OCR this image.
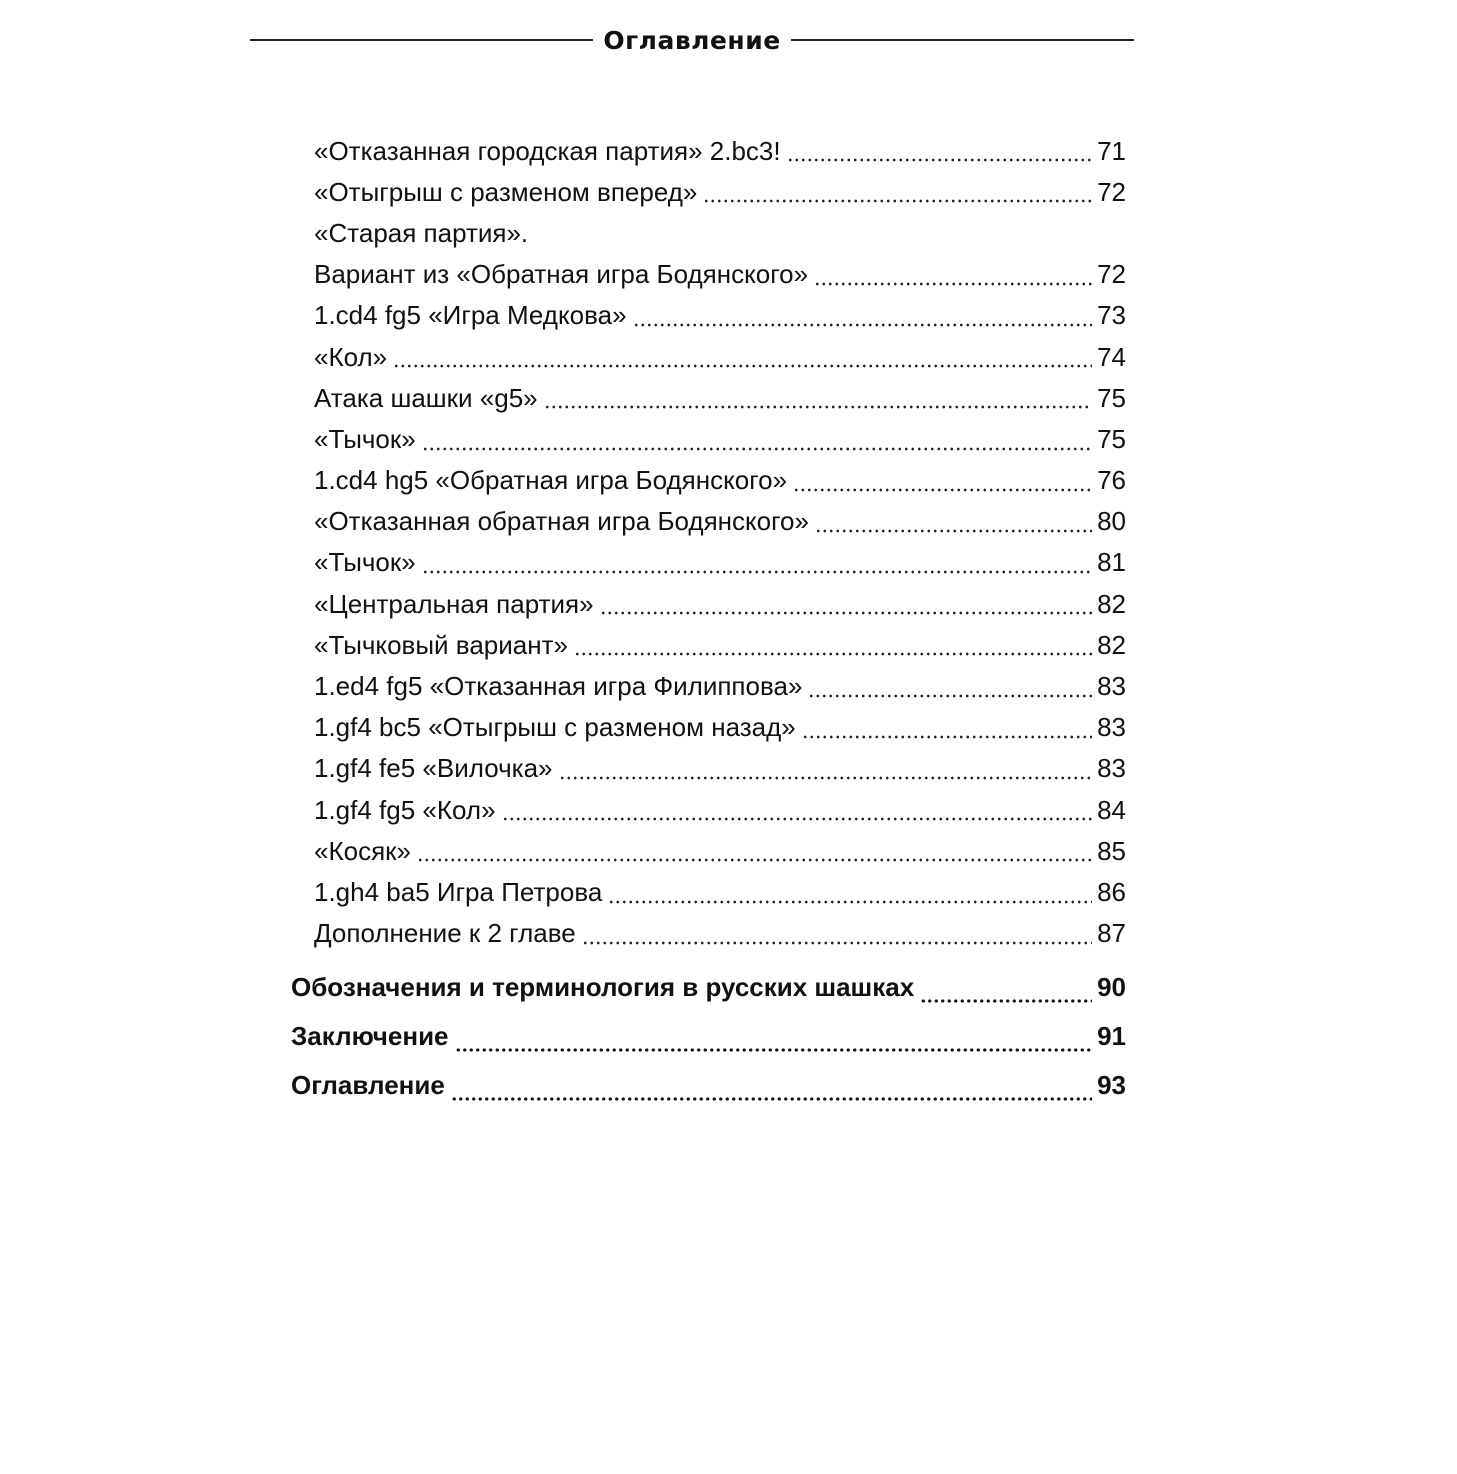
Оглавление
«Отказанная городская партия» 2.bc3!	71
«Отыгрыш с разменом вперед»	72
«Старая партия».
Вариант из «Обратная игра Бодянского»	72
1.cd4 fg5 «Игра Медкова»	73
«Кол»	74
Атака шашки «g5»	75
«Тычок»	75
1.cd4 hg5 «Обратная игра Бодянского»	76
«Отказанная обратная игра Бодянского»	80
«Тычок»	81
«Центральная партия»	82
«Тычковый вариант»	82
1.ed4 fg5 «Отказанная игра Филиппова»	83
1.gf4 bc5 «Отыгрыш с разменом назад»	83
1.gf4 fe5 «Вилочка»	83
1.gf4 fg5 «Кол»	84
«Косяк»	85
1.gh4 ba5 Игра Петрова	86
Дополнение к 2 главе	87
Обозначения и терминология в русских шашках	90
Заключение	91
Оглавление	93
